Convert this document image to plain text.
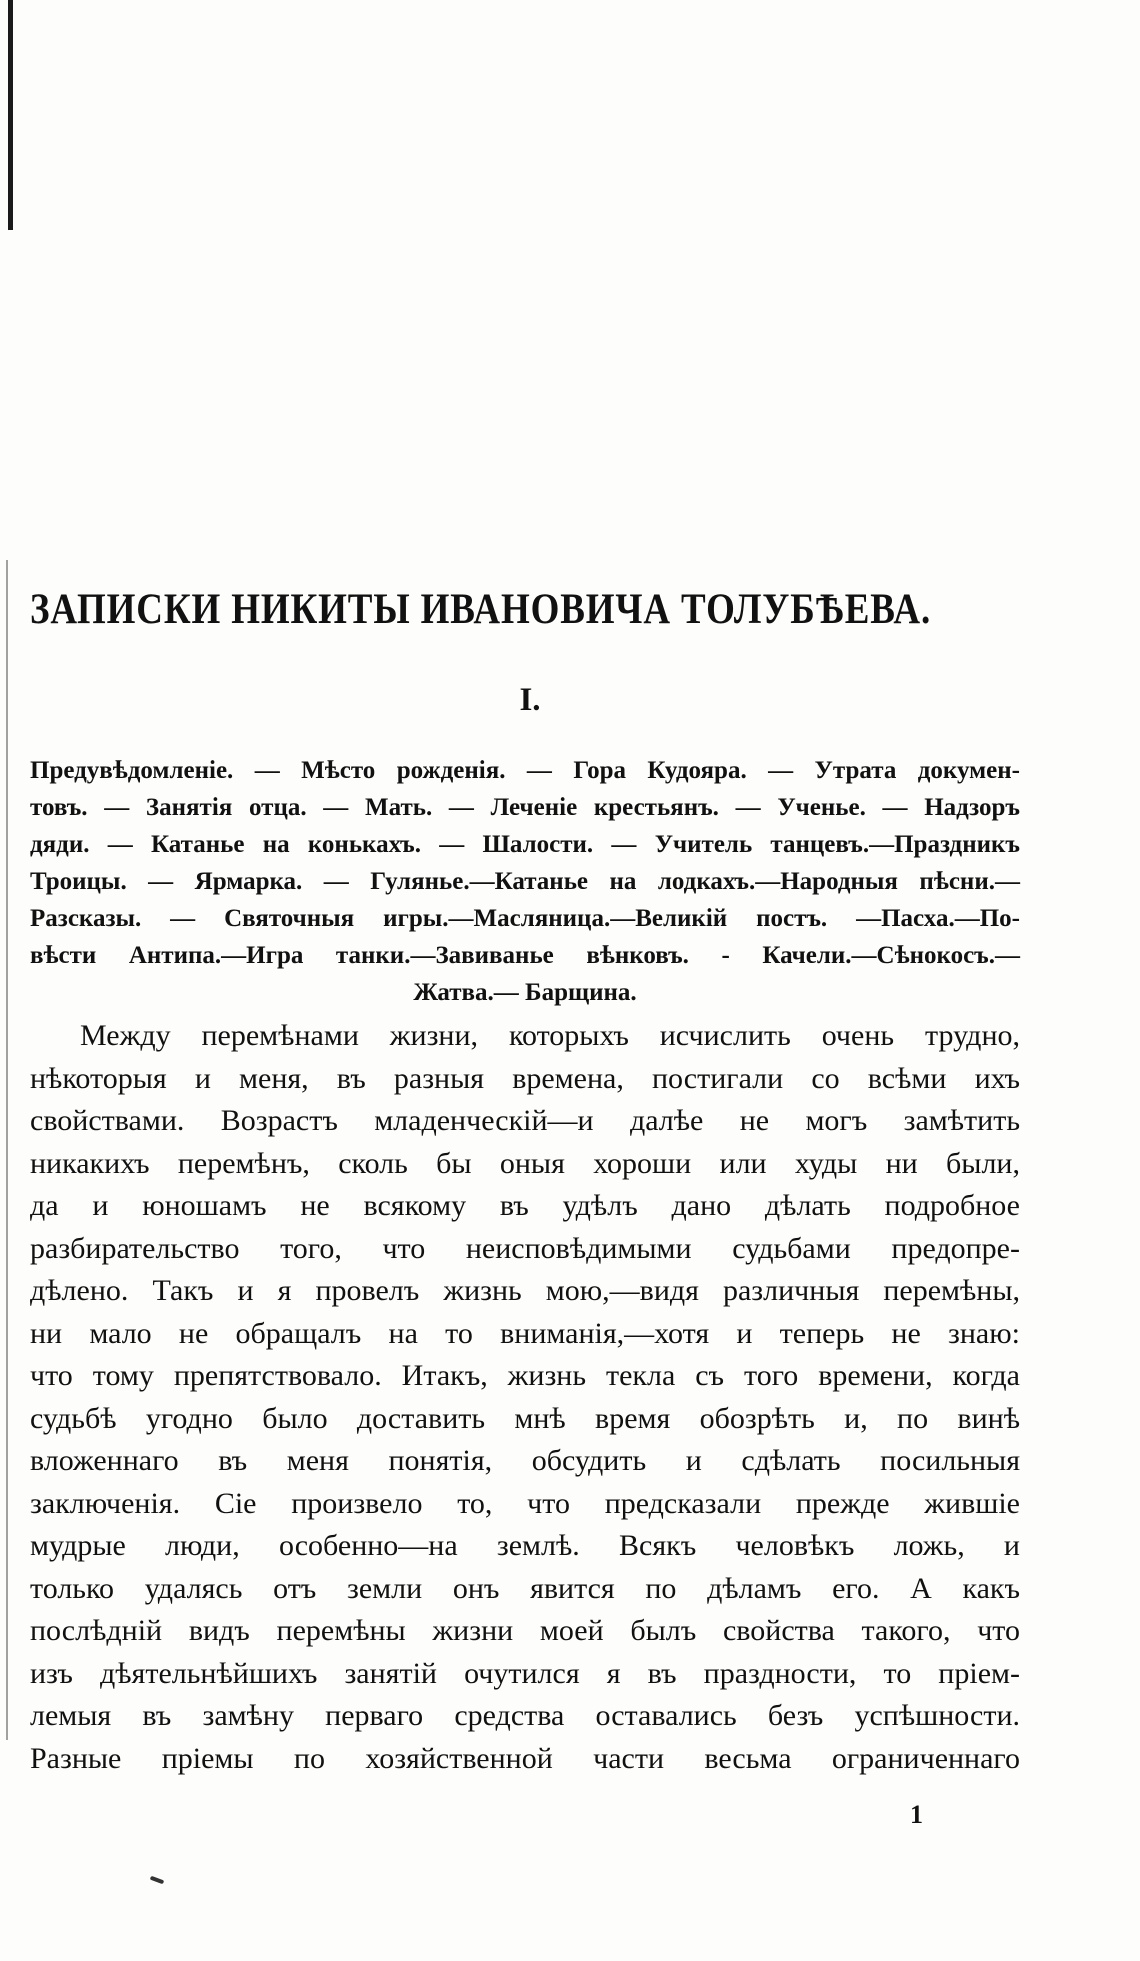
ЗАПИСКИ НИКИТЫ ИВАНОВИЧА ТОЛУБѢЕВА.
I.
Предувѣдомленіе. — Мѣсто рожденія. — Гора Кудояра. — Утрата докумен-
товъ. — Занятія отца. — Мать. — Леченіе крестьянъ. — Ученье. — Надзоръ
дяди. — Катанье на конькахъ. — Шалости. — Учитель танцевъ.—Праздникъ
Троицы. — Ярмарка. — Гулянье.—Катанье на лодкахъ.—Народныя пѣсни.—
Разсказы. — Святочныя игры.—Масляница.—Великій постъ. —Пасха.—По-
вѣсти Антипа.—Игра танки.—Завиванье вѣнковъ. - Качели.—Сѣнокосъ.—
Жатва.— Барщина.
Между перемѣнами жизни, которыхъ исчислить очень трудно,
нѣкоторыя и меня, въ разныя времена, постигали со всѣми ихъ
свойствами. Возрастъ младенческій—и далѣе не могъ замѣтить
никакихъ перемѣнъ, сколь бы оныя хороши или худы ни были,
да и юношамъ не всякому въ удѣлъ дано дѣлать подробное
разбирательство того, что неисповѣдимыми судьбами предопре-
дѣлено. Такъ и я провелъ жизнь мою,—видя различныя перемѣны,
ни мало не обращалъ на то вниманія,—хотя и теперь не знаю:
что тому препятствовало. Итакъ, жизнь текла съ того времени, когда
судьбѣ угодно было доставить мнѣ время обозрѣть и, по винѣ
вложеннаго въ меня понятія, обсудить и сдѣлать посильныя
заключенія. Сіе произвело то, что предсказали прежде жившіе
мудрые люди, особенно—на землѣ. Всякъ человѣкъ ложь, и
только удалясь отъ земли онъ явится по дѣламъ его. А какъ
послѣдній видъ перемѣны жизни моей былъ свойства такого, что
изъ дѣятельнѣйшихъ занятій очутился я въ праздности, то пріем-
лемыя въ замѣну перваго средства оставались безъ успѣшности.
Разные пріемы по хозяйственной части весьма ограниченнаго
1
